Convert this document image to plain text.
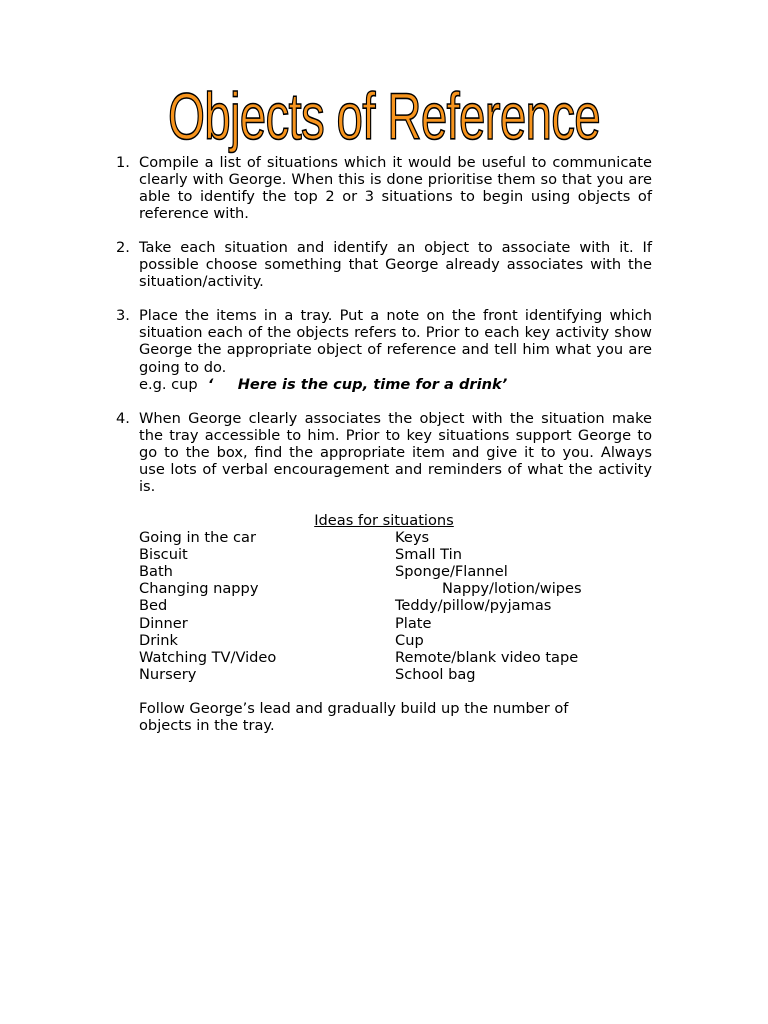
Objects of Reference
1. Compile a list of situations which it would be useful to communicate clearly with George. When this is done prioritise them so that you are able to identify the top 2 or 3 situations to begin using objects of reference with.

2. Take each situation and identify an object to associate with it. If possible choose something that George already associates with the situation/activity.

3. Place the items in a tray. Put a note on the front identifying which situation each of the objects refers to. Prior to each key activity show George the appropriate object of reference and tell him what you are going to do.

e.g. cup ‘ Here is the cup, time for a drink’

4. When George clearly associates the object with the situation make the tray accessible to him. Prior to key situations support George to go to the box, find the appropriate item and give it to you. Always use lots of verbal encouragement and reminders of what the activity is.

Ideas for situations
Going in the car	Keys
Biscuit	Small Tin
Bath	Sponge/Flannel
Changing nappy	Nappy/lotion/wipes
Bed	Teddy/pillow/pyjamas
Dinner	Plate
Drink	Cup
Watching TV/Video	Remote/blank video tape
Nursery	School bag
Follow George’s lead and gradually build up the number of objects in the tray.
